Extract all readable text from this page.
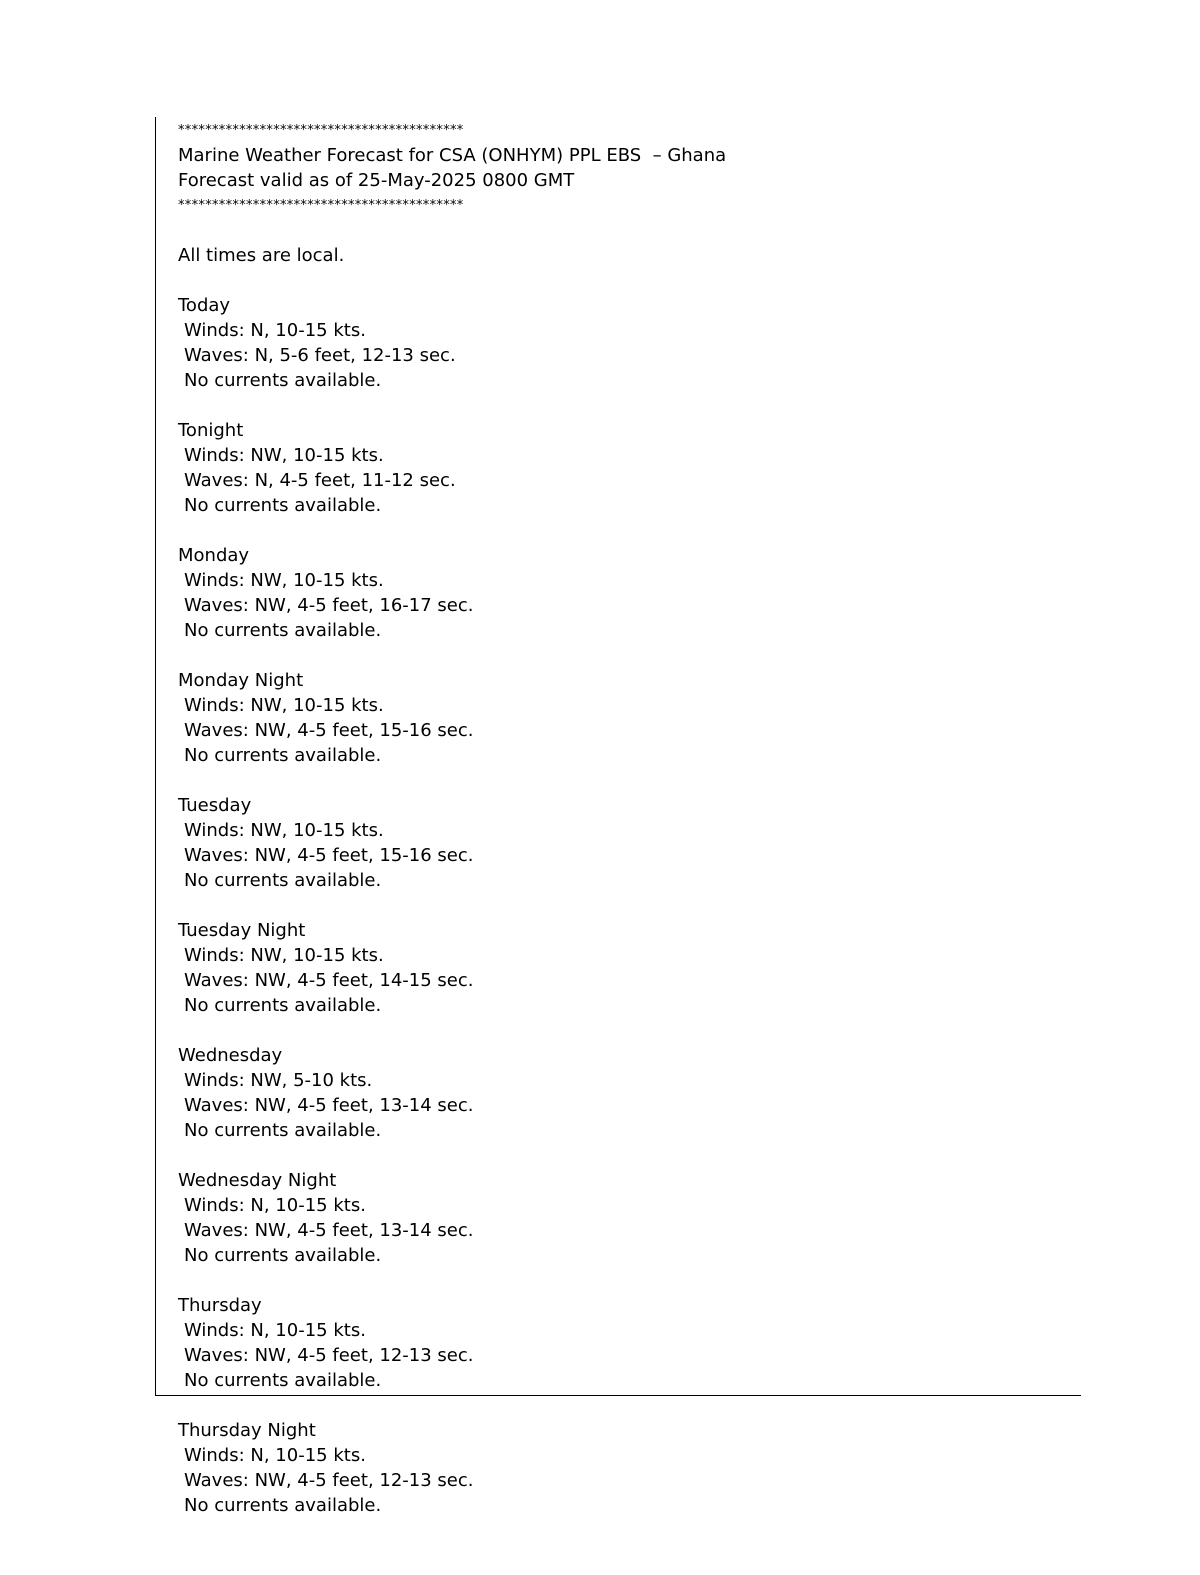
******************************************
Marine Weather Forecast for CSA (ONHYM) PPL EBS  – Ghana
Forecast valid as of 25-May-2025 0800 GMT
******************************************
All times are local.
Today
Winds: N, 10-15 kts.
Waves: N, 5-6 feet, 12-13 sec.
No currents available.
Tonight
Winds: NW, 10-15 kts.
Waves: N, 4-5 feet, 11-12 sec.
No currents available.
Monday
Winds: NW, 10-15 kts.
Waves: NW, 4-5 feet, 16-17 sec.
No currents available.
Monday Night
Winds: NW, 10-15 kts.
Waves: NW, 4-5 feet, 15-16 sec.
No currents available.
Tuesday
Winds: NW, 10-15 kts.
Waves: NW, 4-5 feet, 15-16 sec.
No currents available.
Tuesday Night
Winds: NW, 10-15 kts.
Waves: NW, 4-5 feet, 14-15 sec.
No currents available.
Wednesday
Winds: NW, 5-10 kts.
Waves: NW, 4-5 feet, 13-14 sec.
No currents available.
Wednesday Night
Winds: N, 10-15 kts.
Waves: NW, 4-5 feet, 13-14 sec.
No currents available.
Thursday
Winds: N, 10-15 kts.
Waves: NW, 4-5 feet, 12-13 sec.
No currents available.
Thursday Night
Winds: N, 10-15 kts.
Waves: NW, 4-5 feet, 12-13 sec.
No currents available.
